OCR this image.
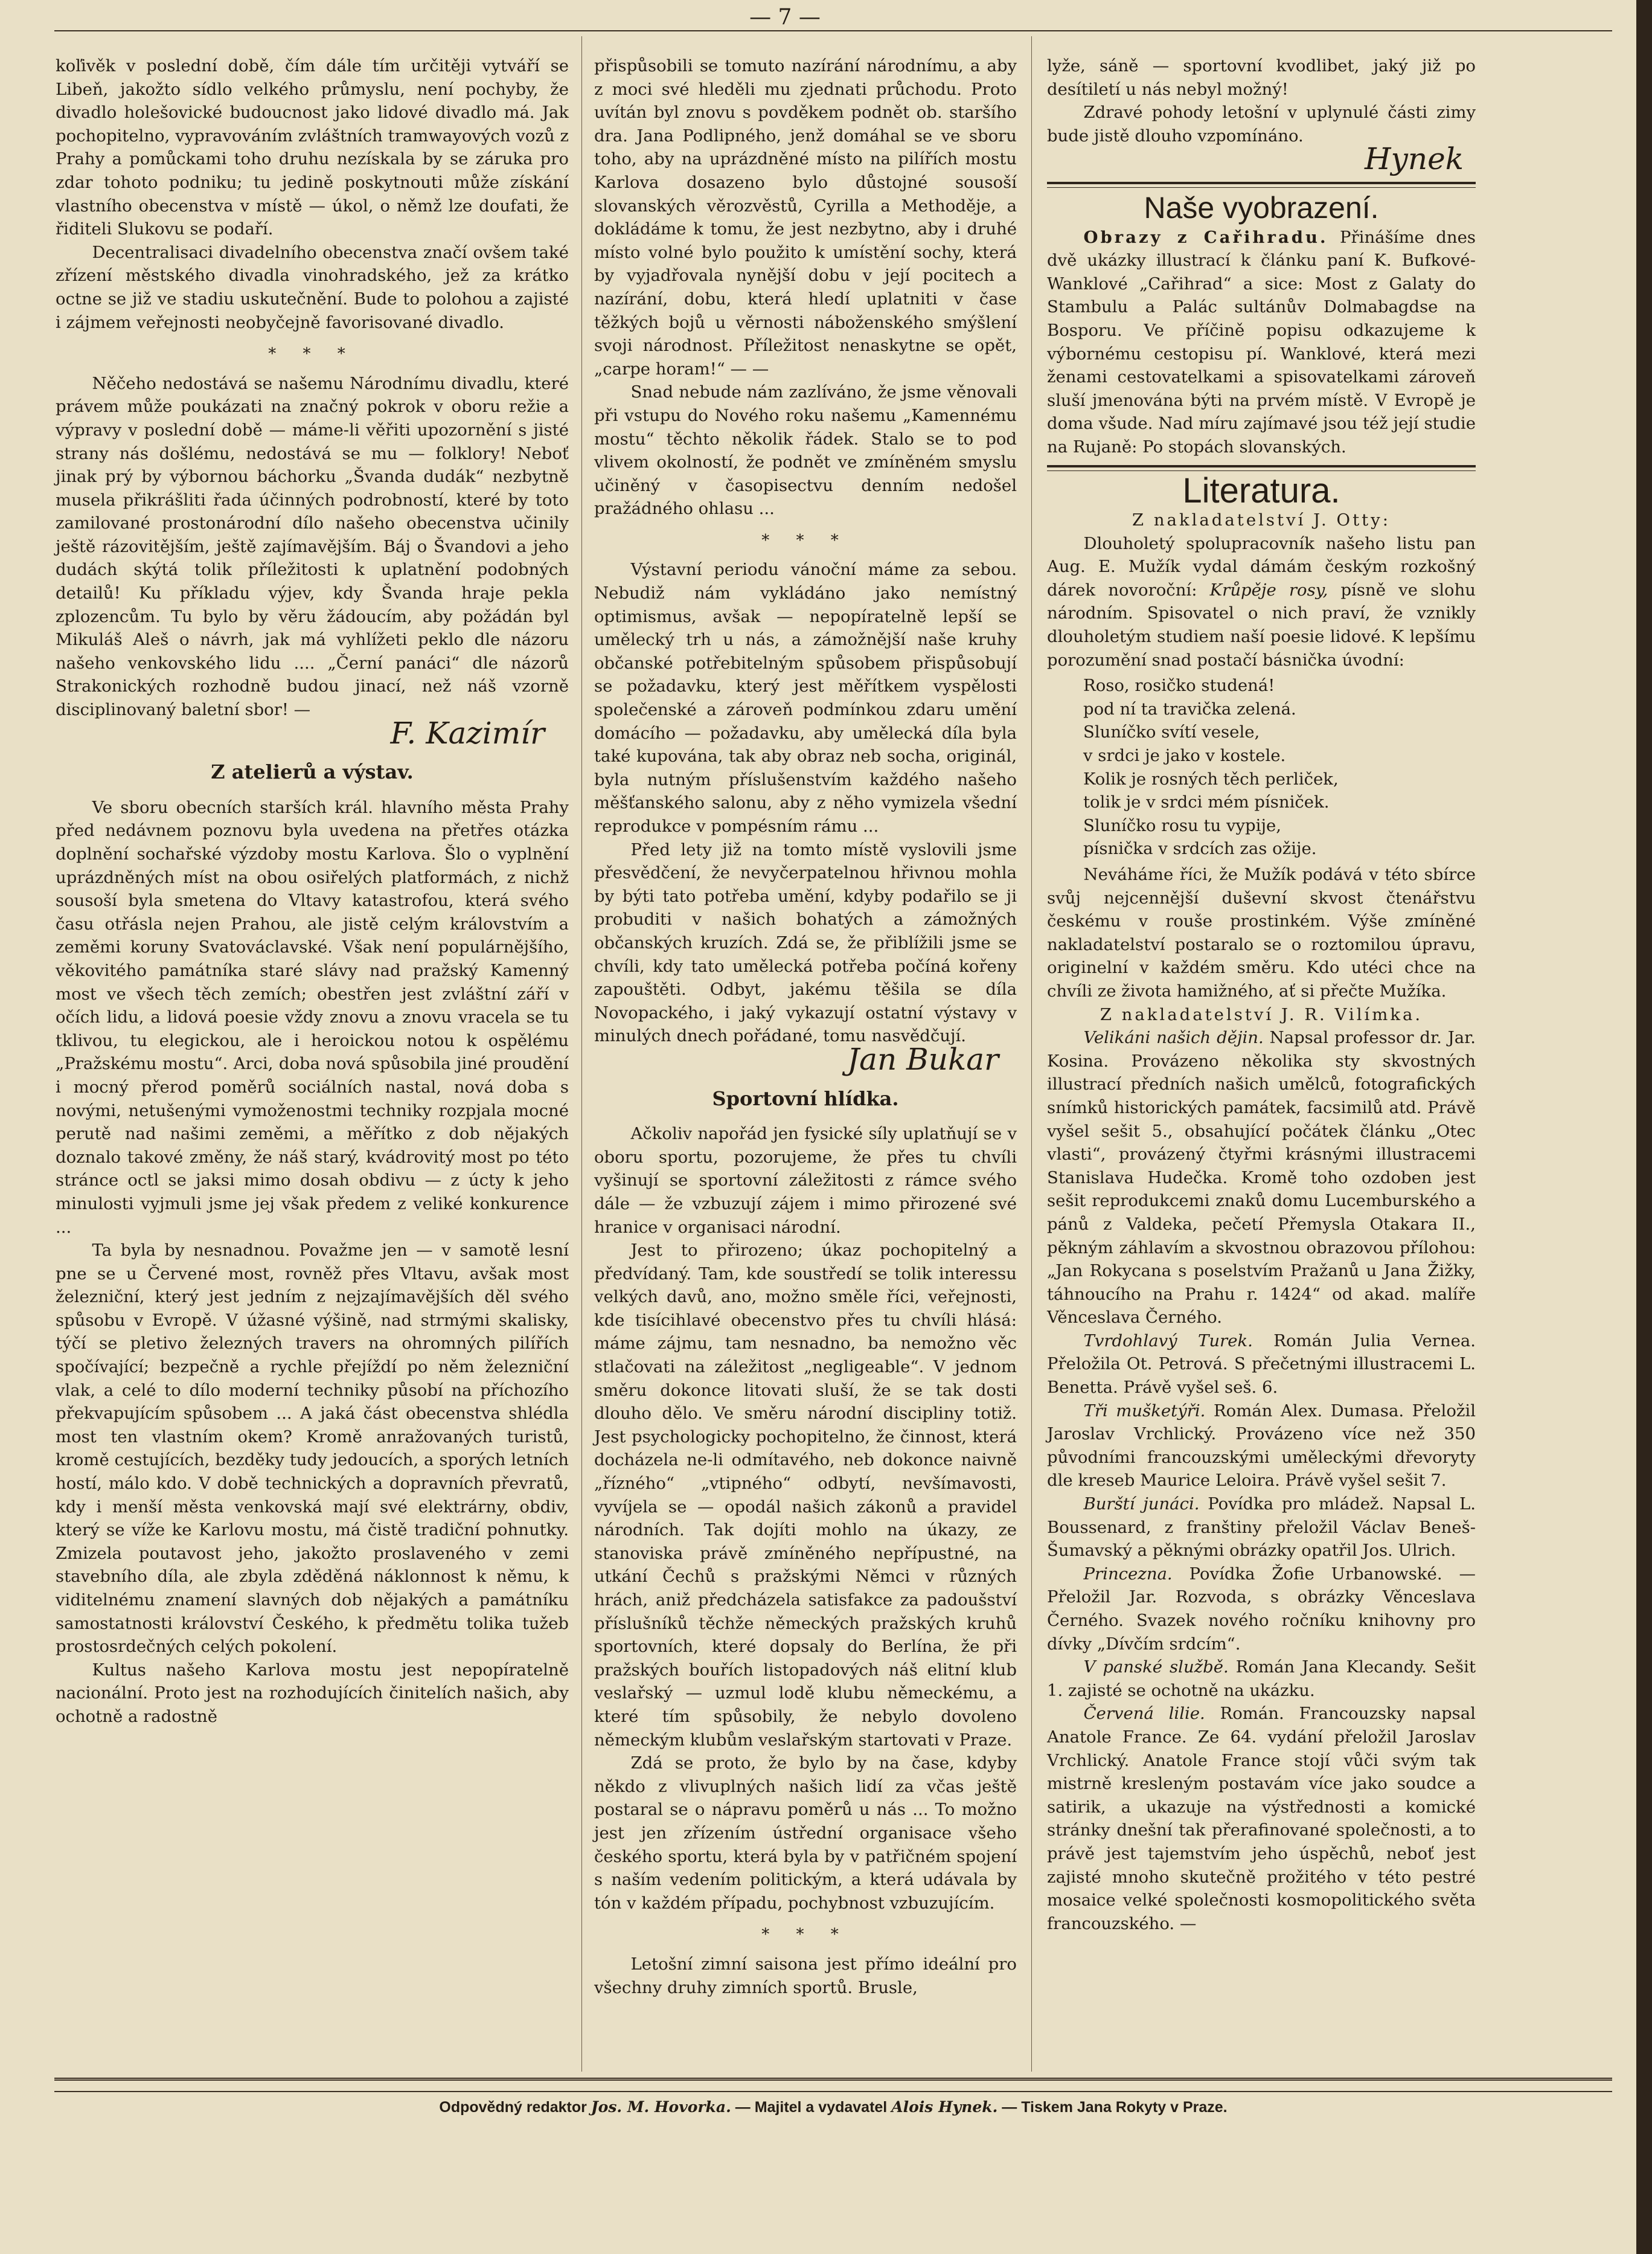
— 7 —

koľivěk v poslední době, čím dále tím určitěji vytváří se Libeň, jakožto sídlo velkého průmyslu, není pochyby, že divadlo holešovické budoucnost jako lidové divadlo má. Jak pochopitelno, vypravováním zvláštních tramwayových vozů z Prahy a pomůckami toho druhu nezískala by se záruka pro zdar tohoto podniku; tu jedině poskytnouti může získání vlastního obecenstva v místě — úkol, o němž lze doufati, že řiditeli Slukovu se podaří.

Decentralisaci divadelního obecenstva značí ovšem také zřízení městského divadla vinohradského, jež za krátko octne se již ve stadiu uskutečnění. Bude to polohou a zajisté i zájmem veřejnosti neobyčejně favorisované divadlo.

* * *

Něčeho nedostává se našemu Národnímu divadlu, které právem může poukázati na značný pokrok v oboru režie a výpravy v poslední době — máme-li věřiti upozornění s jisté strany nás došlému, nedostává se mu — folklory! Neboť jinak prý by výbornou báchorku „Švanda dudák“ nezbytně musela přikrášliti řada účinných podrobností, které by toto zamilované prostonárodní dílo našeho obecenstva učinily ještě rázovitějším, ještě zajímavějším. Báj o Švandovi a jeho dudách skýtá tolik příležitosti k uplatnění podobných detailů! Ku příkladu výjev, kdy Švanda hraje pekla zplozencům. Tu bylo by věru žádoucím, aby požádán byl Mikuláš Aleš o návrh, jak má vyhlížeti peklo dle názoru našeho venkovského lidu .... „Černí panáci“ dle názorů Strakonických rozhodně budou jinací, než náš vzorně disciplinovaný baletní sbor! —

F. Kazimír
Z atelierů a výstav.

Ve sboru obecních starších král. hlavního města Prahy před nedávnem poznovu byla uvedena na přetřes otázka doplnění sochařské výzdoby mostu Karlova. Šlo o vyplnění uprázdněných míst na obou osiřelých platformách, z nichž sousoší byla smetena do Vltavy katastrofou, která svého času otřásla nejen Prahou, ale jistě celým královstvím a zeměmi koruny Svatováclavské. Však není populárnějšího, věkovitého památníka staré slávy nad pražský Kamenný most ve všech těch zemích; obestřen jest zvláštní září v očích lidu, a lidová poesie vždy znovu a znovu vracela se tu tklivou, tu elegickou, ale i heroickou notou k ospělému „Pražskému mostu“. Arci, doba nová spůsobila jiné proudění i mocný přerod poměrů sociálních nastal, nová doba s novými, netušenými vymoženostmi techniky rozpjala mocné perutě nad našimi zeměmi, a měřítko z dob nějakých doznalo takové změny, že náš starý, kvádrovitý most po této stránce octl se jaksi mimo dosah obdivu — z úcty k jeho minulosti vyjmuli jsme jej však předem z veliké konkurence ...

Ta byla by nesnadnou. Považme jen — v samotě lesní pne se u Červené most, rovněž přes Vltavu, avšak most železniční, který jest jedním z nejzajímavějších děl svého spůsobu v Evropě. V úžasné výšině, nad strmými skalisky, týčí se pletivo železných travers na ohromných pilířích spočívající; bezpečně a rychle přejíždí po něm železniční vlak, a celé to dílo moderní techniky působí na příchozího překvapujícím spůsobem ... A jaká část obecenstva shlédla most ten vlastním okem? Kromě anražovaných turistů, kromě cestujících, bezděky tudy jedoucích, a sporých letních hostí, málo kdo. V době technických a dopravních převratů, kdy i menší města venkovská mají své elektrárny, obdiv, který se víže ke Karlovu mostu, má čistě tradiční pohnutky. Zmizela poutavost jeho, jakožto proslaveného v zemi stavebního díla, ale zbyla zděděná náklonnost k němu, k viditelnému znamení slavných dob nějakých a památníku samostatnosti království Českého, k předmětu tolika tužeb prostosrdečných celých pokolení.

Kultus našeho Karlova mostu jest nepopíratelně nacionální. Proto jest na rozhodujících činitelích našich, aby ochotně a radostně

přispůsobili se tomuto nazírání národnímu, a aby z moci své hleděli mu zjednati průchodu. Proto uvítán byl znovu s povděkem podnět ob. staršího dra. Jana Podlipného, jenž domáhal se ve sboru toho, aby na uprázdněné místo na pilířích mostu Karlova dosazeno bylo důstojné sousoší slovanských věrozvěstů, Cyrilla a Methoděje, a dokládáme k tomu, že jest nezbytno, aby i druhé místo volné bylo použito k umístění sochy, která by vyjadřovala nynější dobu v její pocitech a nazírání, dobu, která hledí uplatniti v čase těžkých bojů u věrnosti náboženského smýšlení svoji národnost. Příležitost nenaskytne se opět, „carpe horam!“ — —

Snad nebude nám zazlíváno, že jsme věnovali při vstupu do Nového roku našemu „Kamennému mostu“ těchto několik řádek. Stalo se to pod vlivem okolností, že podnět ve zmíněném smyslu učiněný v časopisectvu denním nedošel pražádného ohlasu ...

* * *

Výstavní periodu vánoční máme za sebou. Nebudiž nám vykládáno jako nemístný optimismus, avšak — nepopíratelně lepší se umělecký trh u nás, a zámožnější naše kruhy občanské potřebitelným spůsobem přispůsobují se požadavku, který jest měřítkem vyspělosti společenské a zároveň podmínkou zdaru umění domácího — požadavku, aby umělecká díla byla také kupována, tak aby obraz neb socha, originál, byla nutným příslušenstvím každého našeho měšťanského salonu, aby z něho vymizela všední reprodukce v pompésním rámu ...

Před lety již na tomto místě vyslovili jsme přesvědčení, že nevyčerpatelnou hřivnou mohla by býti tato potřeba umění, kdyby podařilo se ji probuditi v našich bohatých a zámožných občanských kruzích. Zdá se, že přiblížili jsme se chvíli, kdy tato umělecká potřeba počíná kořeny zapouštěti. Odbyt, jakému těšila se díla Novopackého, i jaký vykazují ostatní výstavy v minulých dnech pořádané, tomu nasvědčují.

Jan Bukar
Sportovní hlídka.

Ačkoliv napořád jen fysické síly uplatňují se v oboru sportu, pozorujeme, že přes tu chvíli vyšinují se sportovní záležitosti z rámce svého dále — že vzbuzují zájem i mimo přirozené své hranice v organisaci národní.

Jest to přirozeno; úkaz pochopitelný a předvídaný. Tam, kde soustředí se tolik interessu velkých davů, ano, možno směle říci, veřejnosti, kde tisícihlavé obecenstvo přes tu chvíli hlásá: máme zájmu, tam nesnadno, ba nemožno věc stlačovati na záležitost „negligeable“. V jednom směru dokonce litovati sluší, že se tak dosti dlouho dělo. Ve směru národní discipliny totiž. Jest psychologicky pochopitelno, že činnost, která docházela ne-li odmítavého, neb dokonce naivně „řízného“ „vtipného“ odbytí, nevšímavosti, vyvíjela se — opodál našich zákonů a pravidel národních. Tak dojíti mohlo na úkazy, ze stanoviska právě zmíněného nepřípustné, na utkání Čechů s pražskými Němci v různých hrách, aniž předcházela satisfakce za padoušství příslušníků těchže německých pražských kruhů sportovních, které dopsaly do Berlína, že při pražských bouřích listopadových náš elitní klub veslařský — uzmul lodě klubu německému, a které tím spůsobily, že nebylo dovoleno německým klubům veslařským startovati v Praze.

Zdá se proto, že bylo by na čase, kdyby někdo z vlivuplných našich lidí za včas ještě postaral se o nápravu poměrů u nás ... To možno jest jen zřízením ústřední organisace všeho českého sportu, která byla by v patřičném spojení s naším vedením politickým, a která udávala by tón v každém případu, pochybnost vzbuzujícím.

* * *

Letošní zimní saisona jest přímo ideální pro všechny druhy zimních sportů. Brusle,

lyže, sáně — sportovní kvodlibet, jaký již po desítiletí u nás nebyl možný!

Zdravé pohody letošní v uplynulé části zimy bude jistě dlouho vzpomínáno.

Hynek
Naše vyobrazení.

Obrazy z Cařihradu. Přinášíme dnes dvě ukázky illustrací k článku paní K. Bufkové-Wanklové „Cařihrad“ a sice: Most z Galaty do Stambulu a Palác sultánův Dolmabagdse na Bosporu. Ve příčině popisu odkazujeme k výbornému cestopisu pí. Wanklové, která mezi ženami cestovatelkami a spisovatelkami zároveň sluší jmenována býti na prvém místě. V Evropě je doma všude. Nad míru zajímavé jsou též její studie na Rujaně: Po stopách slovanských.

Literatura.
Z nakladatelství J. Otty:

Dlouholetý spolupracovník našeho listu pan Aug. E. Mužík vydal dámám českým rozkošný dárek novoroční: Krůpěje rosy, písně ve slohu národním. Spisovatel o nich praví, že vznikly dlouholetým studiem naší poesie lidové. K lepšímu porozumění snad postačí básnička úvodní:

Roso, rosičko studená!
pod ní ta travička zelená.
Sluníčko svítí vesele,
v srdci je jako v kostele.
Kolik je rosných těch perliček,
tolik je v srdci mém písniček.
Sluníčko rosu tu vypije,
písnička v srdcích zas ožije.

Neváháme říci, že Mužík podává v této sbírce svůj nejcennější duševní skvost čtenářstvu českému v rouše prostinkém. Výše zmíněné nakladatelství postaralo se o roztomilou úpravu, originelní v každém směru. Kdo utéci chce na chvíli ze života hamižného, ať si přečte Mužíka.

Z nakladatelství J. R. Vilímka.

Velikáni našich dějin. Napsal professor dr. Jar. Kosina. Provázeno několika sty skvostných illustrací předních našich umělců, fotografických snímků historických památek, facsimilů atd. Právě vyšel sešit 5., obsahující počátek článku „Otec vlasti“, provázený čtyřmi krásnými illustracemi Stanislava Hudečka. Kromě toho ozdoben jest sešit reprodukcemi znaků domu Lucemburského a pánů z Valdeka, pečetí Přemysla Otakara II., pěkným záhlavím a skvostnou obrazovou přílohou: „Jan Rokycana s poselstvím Pražanů u Jana Žižky, táhnoucího na Prahu r. 1424“ od akad. malíře Věnceslava Černého.

Tvrdohlavý Turek. Román Julia Vernea. Přeložila Ot. Petrová. S přečetnými illustracemi L. Benetta. Právě vyšel seš. 6.

Tři mušketýři. Román Alex. Dumasa. Přeložil Jaroslav Vrchlický. Provázeno více než 350 původními francouzskými uměleckými dřevoryty dle kreseb Maurice Leloira. Právě vyšel sešit 7.

Burští junáci. Povídka pro mládež. Napsal L. Boussenard, z franštiny přeložil Václav Beneš-Šumavský a pěknými obrázky opatřil Jos. Ulrich.

Princezna. Povídka Žofie Urbanowské. — Přeložil Jar. Rozvoda, s obrázky Věnceslava Černého. Svazek nového ročníku knihovny pro dívky „Dívčím srdcím“.

V panské službě. Román Jana Klecandy. Sešit 1. zajisté se ochotně na ukázku.

Červená lilie. Román. Francouzsky napsal Anatole France. Ze 64. vydání přeložil Jaroslav Vrchlický. Anatole France stojí vůči svým tak mistrně kresleným postavám více jako soudce a satirik, a ukazuje na výstřednosti a komické stránky dnešní tak přerafinované společnosti, a to právě jest tajemstvím jeho úspěchů, neboť jest zajisté mnoho skutečně prožitého v této pestré mosaice velké společnosti kosmopolitického světa francouzského. —

Odpovědný redaktor Jos. M. Hovorka. — Majitel a vydavatel Alois Hynek. — Tiskem Jana Rokyty v Praze.
